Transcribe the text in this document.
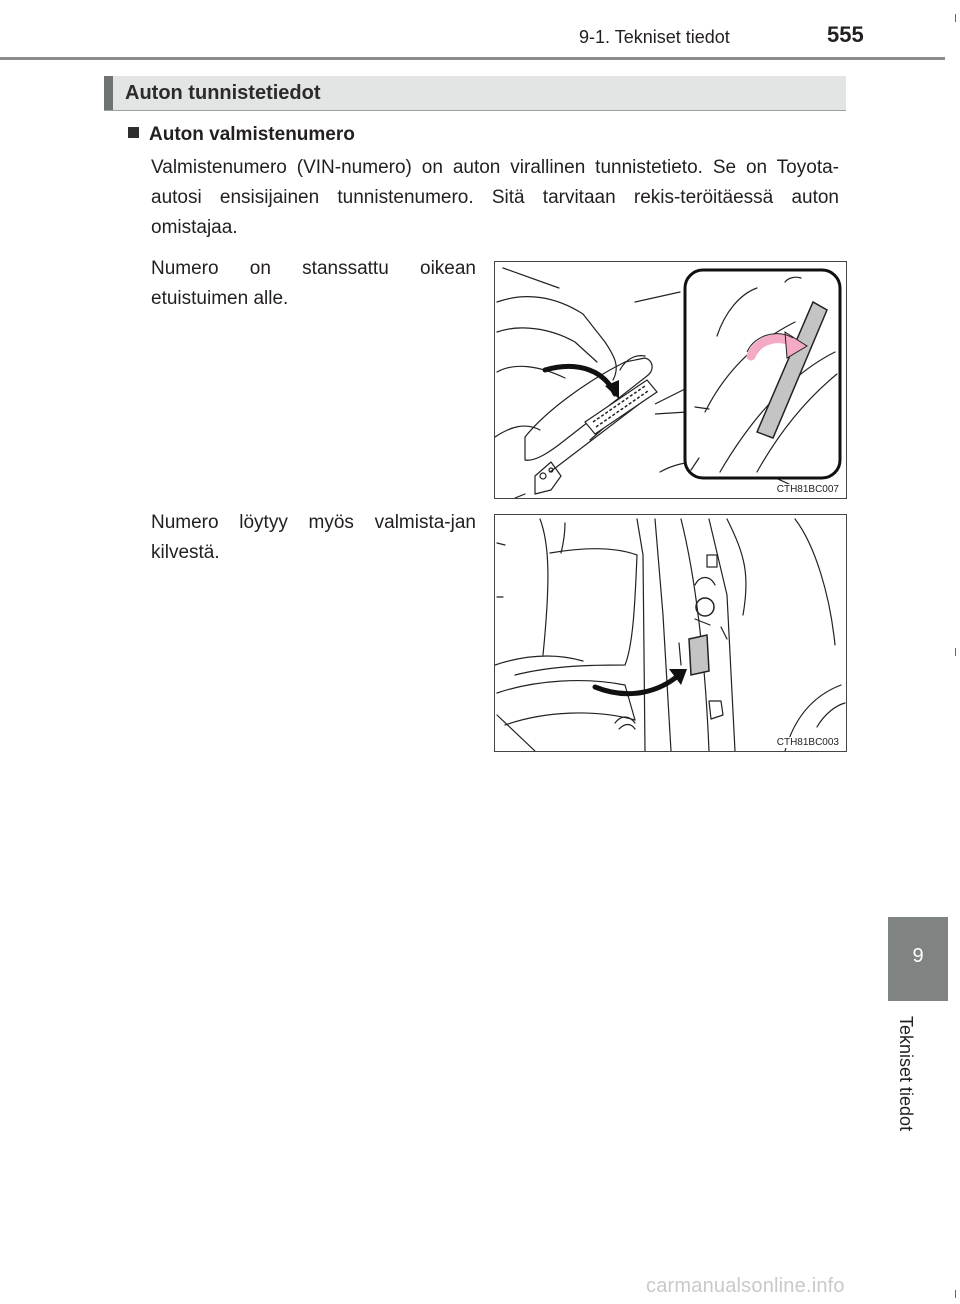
9-1. Tekniset tiedot	555
Auton tunnistetiedot
Auton valmistenumero
Valmistenumero (VIN-numero) on auton virallinen tunnistetieto. Se on Toyota-autosi ensisijainen tunnistenumero. Sitä tarvitaan rekis-teröitäessä auton omistajaa.
Numero on stanssattu oikean etuistuimen alle.
CTH81BC007
Numero löytyy myös valmista-jan kilvestä.
CTH81BC003
9
Tekniset tiedot
carmanualsonline.info
